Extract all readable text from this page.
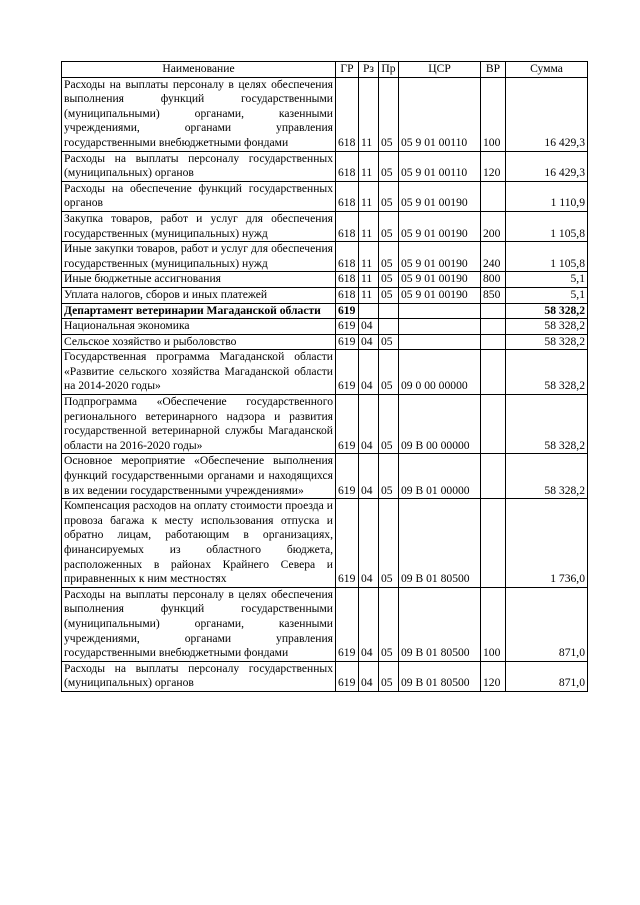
Наименование	ГР	Рз	Пр	ЦСР	ВР	Сумма
Расходы на выплаты персоналу в целях обеспечения выполнения функций государственными (муниципальными) органами, казенными учреждениями, органами управления государственными внебюджетными фондами	618	11	05	05 9 01 00110	100	16 429,3
Расходы на выплаты персоналу государственных (муниципальных) органов	618	11	05	05 9 01 00110	120	16 429,3
Расходы на обеспечение функций государственных органов	618	11	05	05 9 01 00190		1 110,9
Закупка товаров, работ и услуг для обеспечения государственных (муниципальных) нужд	618	11	05	05 9 01 00190	200	1 105,8
Иные закупки товаров, работ и услуг для обеспечения государственных (муниципальных) нужд	618	11	05	05 9 01 00190	240	1 105,8
Иные бюджетные ассигнования	618	11	05	05 9 01 00190	800	5,1
Уплата налогов, сборов и иных платежей	618	11	05	05 9 01 00190	850	5,1
Департамент ветеринарии Магаданской области	619					58 328,2
Национальная экономика	619	04				58 328,2
Сельское хозяйство и рыболовство	619	04	05			58 328,2
Государственная программа Магаданской области «Развитие сельского хозяйства Магаданской области на 2014-2020 годы»	619	04	05	09 0 00 00000		58 328,2
Подпрограмма «Обеспечение государственного регионального ветеринарного надзора и развития государственной ветеринарной службы Магаданской области на 2016-2020 годы»	619	04	05	09 В 00 00000		58 328,2
Основное мероприятие «Обеспечение выполнения функций государственными органами и находящихся в их ведении государственными учреждениями»	619	04	05	09 В 01 00000		58 328,2
Компенсация расходов на оплату стоимости проезда и провоза багажа к месту использования отпуска и обратно лицам, работающим в организациях, финансируемых из областного бюджета, расположенных в районах Крайнего Севера и приравненных к ним местностях	619	04	05	09 В 01 80500		1 736,0
Расходы на выплаты персоналу в целях обеспечения выполнения функций государственными (муниципальными) органами, казенными учреждениями, органами управления государственными внебюджетными фондами	619	04	05	09 В 01 80500	100	871,0
Расходы на выплаты персоналу государственных (муниципальных) органов	619	04	05	09 В 01 80500	120	871,0
